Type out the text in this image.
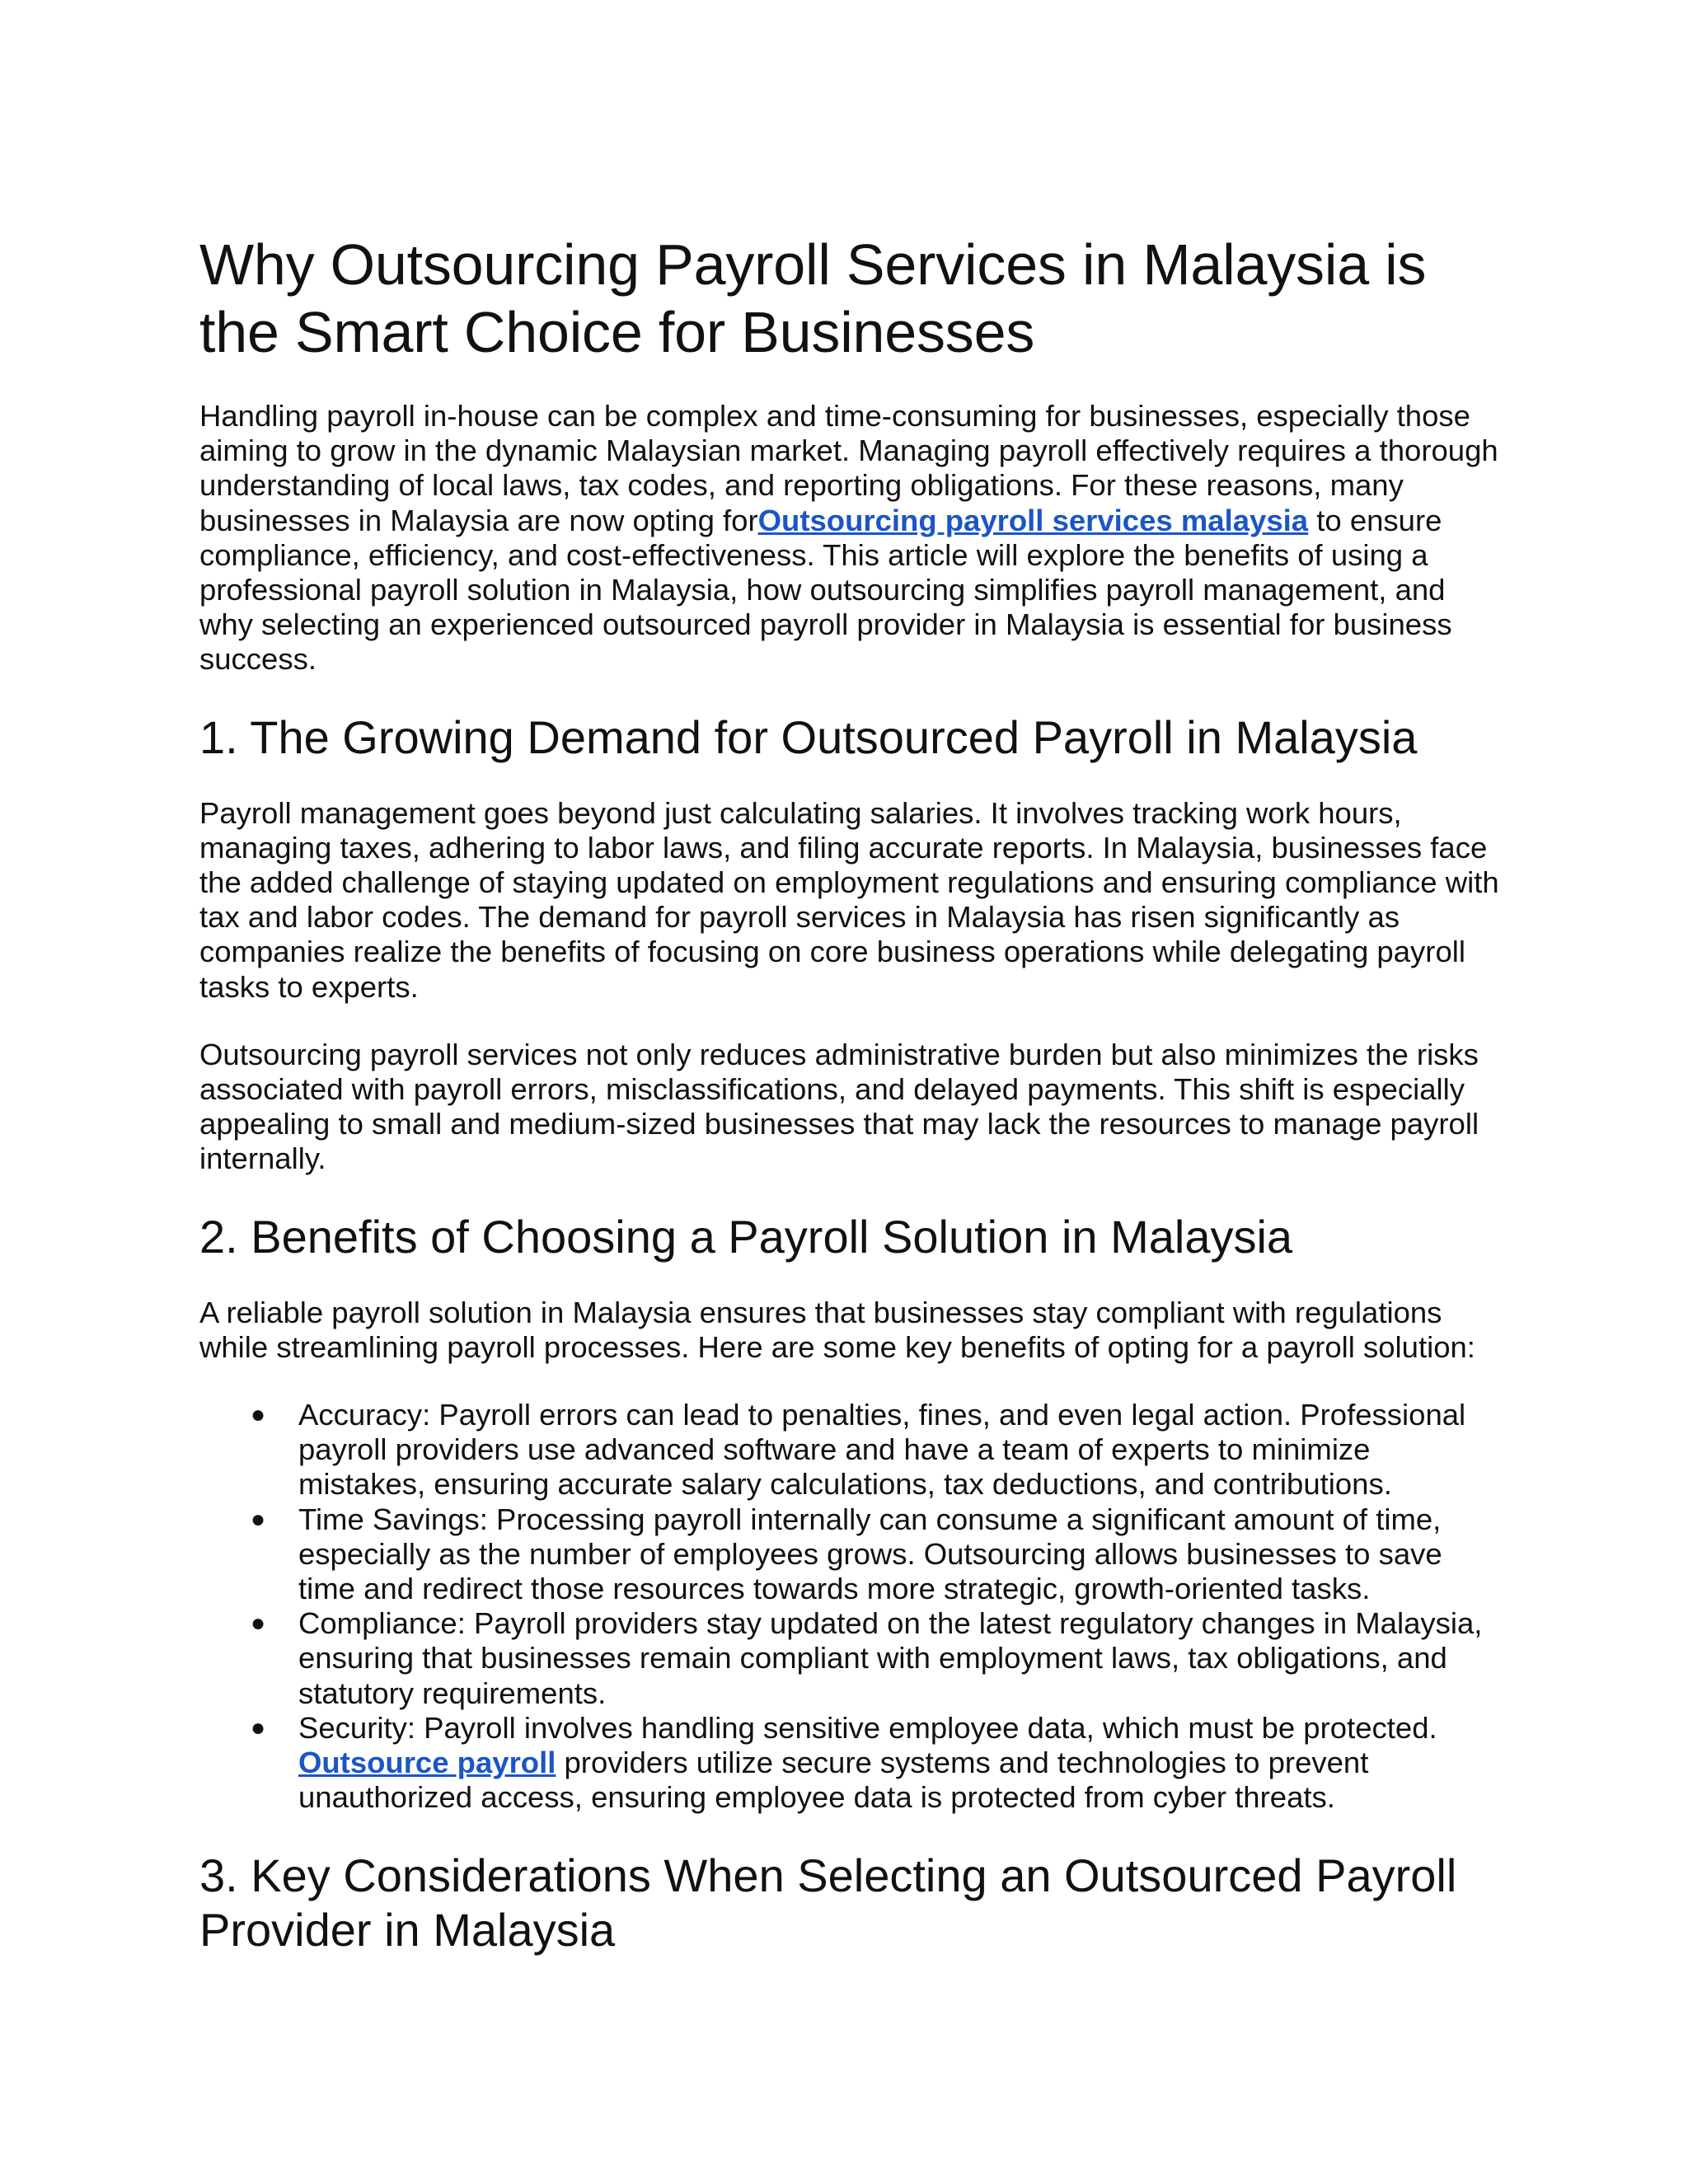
Why Outsourcing Payroll Services in Malaysia is the Smart Choice for Businesses

Handling payroll in-house can be complex and time-consuming for businesses, especially those aiming to grow in the dynamic Malaysian market. Managing payroll effectively requires a thorough understanding of local laws, tax codes, and reporting obligations. For these reasons, many businesses in Malaysia are now opting forOutsourcing payroll services malaysia to ensure compliance, efficiency, and cost-effectiveness. This article will explore the benefits of using a professional payroll solution in Malaysia, how outsourcing simplifies payroll management, and why selecting an experienced outsourced payroll provider in Malaysia is essential for business success.

1. The Growing Demand for Outsourced Payroll in Malaysia

Payroll management goes beyond just calculating salaries. It involves tracking work hours, managing taxes, adhering to labor laws, and filing accurate reports. In Malaysia, businesses face the added challenge of staying updated on employment regulations and ensuring compliance with tax and labor codes. The demand for payroll services in Malaysia has risen significantly as companies realize the benefits of focusing on core business operations while delegating payroll tasks to experts.

Outsourcing payroll services not only reduces administrative burden but also minimizes the risks associated with payroll errors, misclassifications, and delayed payments. This shift is especially appealing to small and medium-sized businesses that may lack the resources to manage payroll internally.

2. Benefits of Choosing a Payroll Solution in Malaysia

A reliable payroll solution in Malaysia ensures that businesses stay compliant with regulations while streamlining payroll processes. Here are some key benefits of opting for a payroll solution:

● Accuracy: Payroll errors can lead to penalties, fines, and even legal action. Professional payroll providers use advanced software and have a team of experts to minimize mistakes, ensuring accurate salary calculations, tax deductions, and contributions.
● Time Savings: Processing payroll internally can consume a significant amount of time, especially as the number of employees grows. Outsourcing allows businesses to save time and redirect those resources towards more strategic, growth-oriented tasks.
● Compliance: Payroll providers stay updated on the latest regulatory changes in Malaysia, ensuring that businesses remain compliant with employment laws, tax obligations, and statutory requirements.
● Security: Payroll involves handling sensitive employee data, which must be protected.
Outsource payroll providers utilize secure systems and technologies to prevent unauthorized access, ensuring employee data is protected from cyber threats.
3. Key Considerations When Selecting an Outsourced Payroll Provider in Malaysia
